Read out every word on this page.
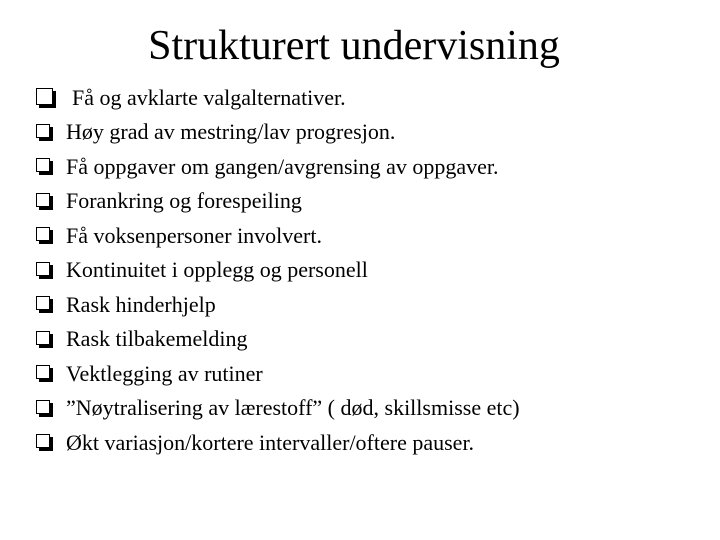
Strukturert undervisning
Få og avklarte valgalternativer.
Høy grad av mestring/lav progresjon.
Få oppgaver om gangen/avgrensing av oppgaver.
Forankring og forespeiling
Få voksenpersoner involvert.
Kontinuitet i opplegg og personell
Rask hinderhjelp
Rask tilbakemelding
Vektlegging av rutiner
”Nøytralisering av lærestoff” ( død, skillsmisse etc)
Økt variasjon/kortere intervaller/oftere pauser.
